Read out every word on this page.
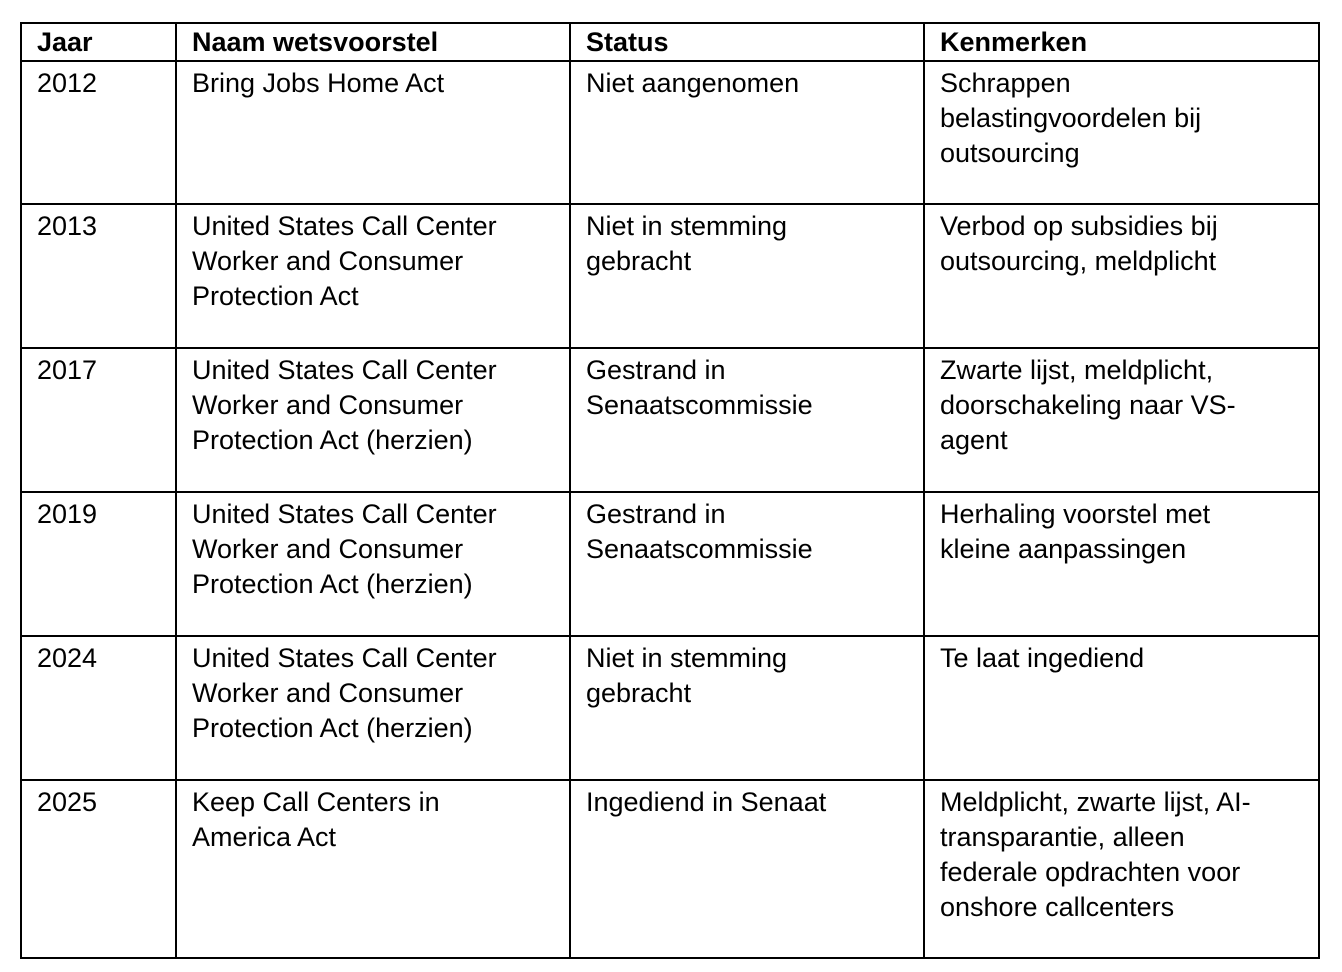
Jaar	Naam wetsvoorstel	Status	Kenmerken

2012	Bring Jobs Home Act	Niet aangenomen	Schrappen
belastingvoordelen bij
outsourcing

2013	United States Call Center
Worker and Consumer
Protection Act	Niet in stemming
gebracht	Verbod op subsidies bij
outsourcing, meldplicht

2017	United States Call Center
Worker and Consumer
Protection Act (herzien)	Gestrand in
Senaatscommissie	Zwarte lijst, meldplicht,
doorschakeling naar VS-
agent

2019	United States Call Center
Worker and Consumer
Protection Act (herzien)	Gestrand in
Senaatscommissie	Herhaling voorstel met
kleine aanpassingen

2024	United States Call Center
Worker and Consumer
Protection Act (herzien)	Niet in stemming
gebracht	Te laat ingediend

2025	Keep Call Centers in
America Act	Ingediend in Senaat	Meldplicht, zwarte lijst, AI-
transparantie, alleen
federale opdrachten voor
onshore callcenters
